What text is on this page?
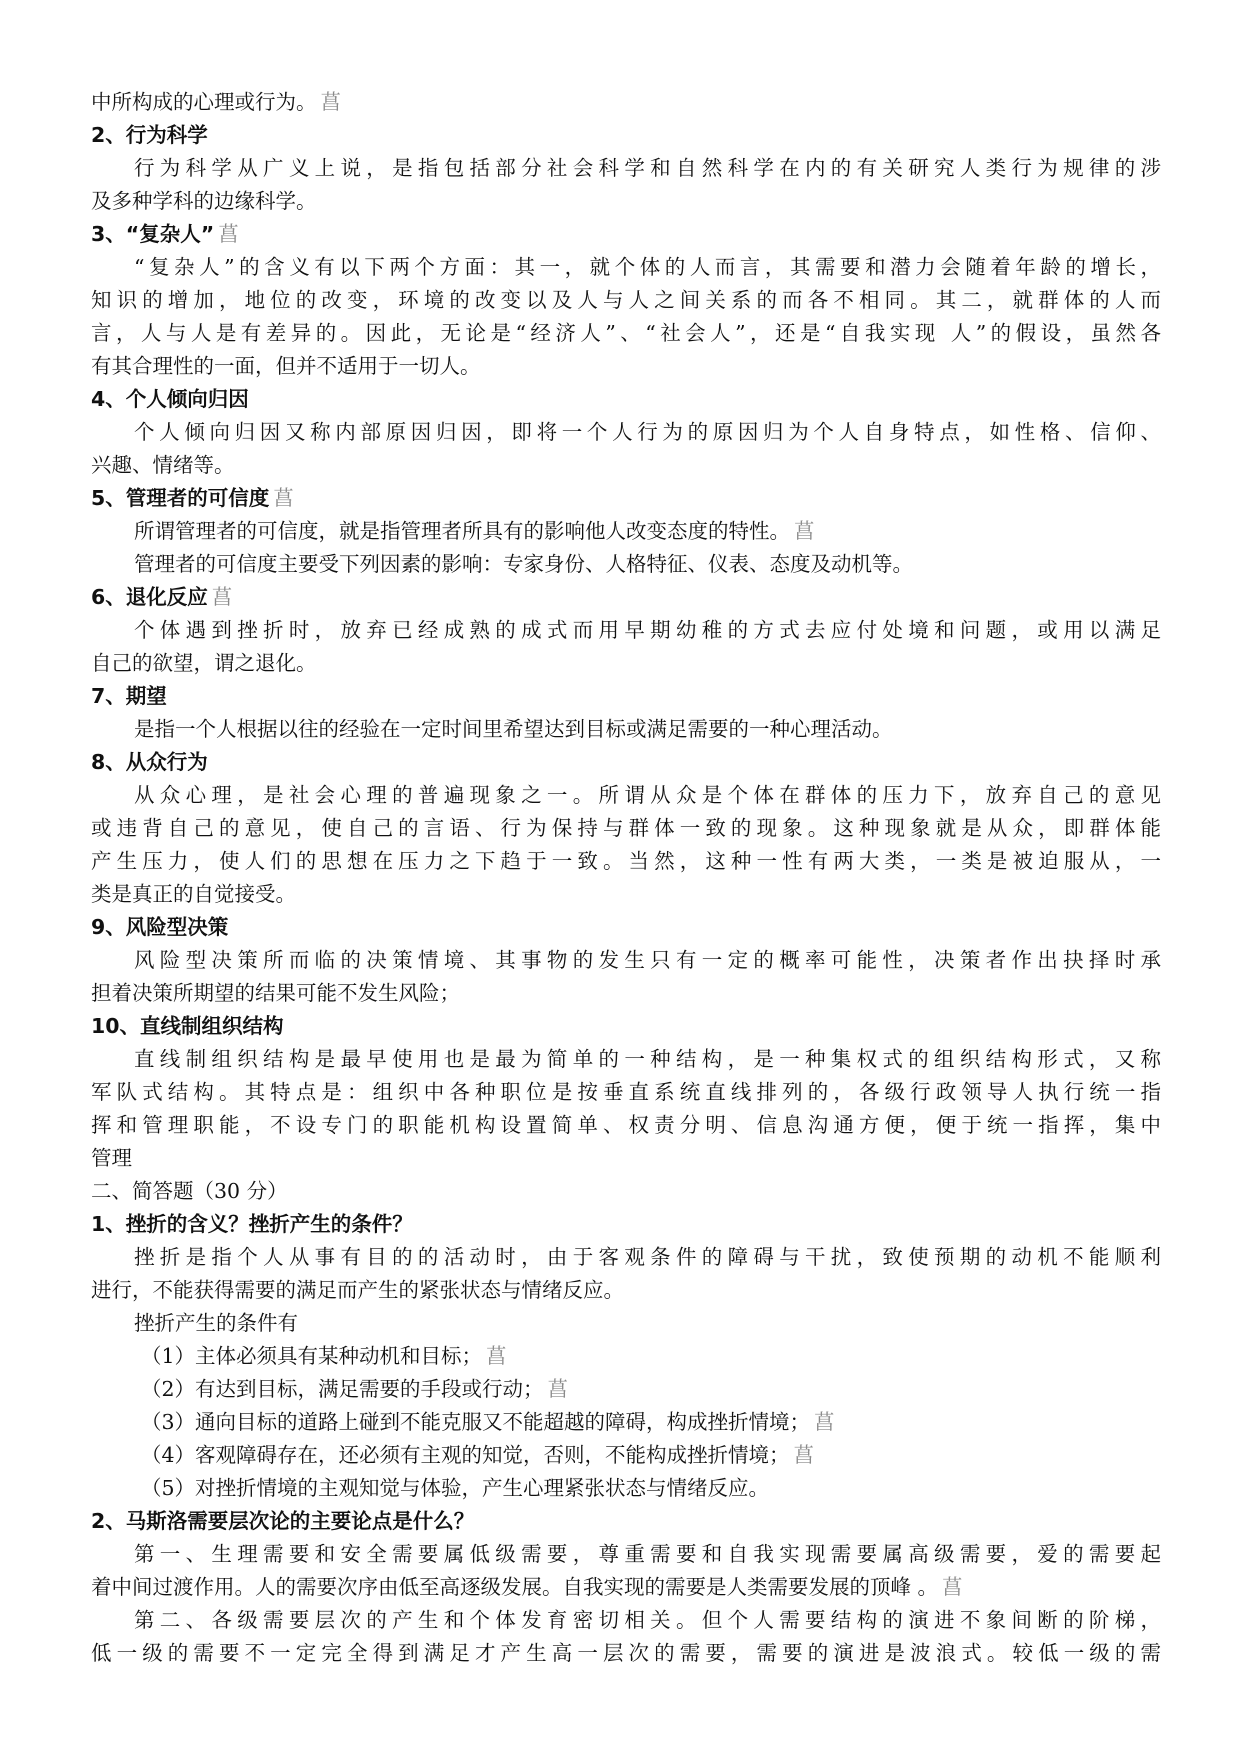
中所构成的心理或行为。 菖
2、行为科学
行为科学从广义上说，是指包括部分社会科学和自然科学在内的有关研究人类行为规律的涉
及多种学科的边缘科学。
3、“复杂人” 菖
“复杂人”的含义有以下两个方面：其一，就个体的人而言，其需要和潜力会随着年龄的增长，
知识的增加，地位的改变，环境的改变以及人与人之间关系的而各不相同。其二，就群体的人而
言，人与人是有差异的。因此，无论是“经济人”、“社会人”，还是“自我实现 人”的假设，虽然各
有其合理性的一面，但并不适用于一切人。
4、个人倾向归因
个人倾向归因又称内部原因归因，即将一个人行为的原因归为个人自身特点，如性格、信仰、
兴趣、情绪等。
5、管理者的可信度 菖
所谓管理者的可信度，就是指管理者所具有的影响他人改变态度的特性。 菖
管理者的可信度主要受下列因素的影响：专家身份、人格特征、仪表、态度及动机等。
6、退化反应 菖
个体遇到挫折时，放弃已经成熟的成式而用早期幼稚的方式去应付处境和问题，或用以满足
自己的欲望，谓之退化。
7、期望
是指一个人根据以往的经验在一定时间里希望达到目标或满足需要的一种心理活动。
8、从众行为
从众心理，是社会心理的普遍现象之一。所谓从众是个体在群体的压力下，放弃自己的意见
或违背自己的意见，使自己的言语、行为保持与群体一致的现象。这种现象就是从众，即群体能
产生压力，使人们的思想在压力之下趋于一致。当然，这种一性有两大类，一类是被迫服从，一
类是真正的自觉接受。
9、风险型决策
风险型决策所而临的决策情境、其事物的发生只有一定的概率可能性，决策者作出抉择时承
担着决策所期望的结果可能不发生风险；
10、直线制组织结构
直线制组织结构是最早使用也是最为简单的一种结构，是一种集权式的组织结构形式，又称
军队式结构。其特点是：组织中各种职位是按垂直系统直线排列的，各级行政领导人执行统一指
挥和管理职能，不设专门的职能机构设置简单、权责分明、信息沟通方便，便于统一指挥，集中
管理
二、简答题（30 分）
1、挫折的含义？挫折产生的条件？
挫折是指个人从事有目的的活动时，由于客观条件的障碍与干扰，致使预期的动机不能顺利
进行，不能获得需要的满足而产生的紧张状态与情绪反应。
挫折产生的条件有
（1）主体必须具有某种动机和目标； 菖
（2）有达到目标，满足需要的手段或行动； 菖
（3）通向目标的道路上碰到不能克服又不能超越的障碍，构成挫折情境； 菖
（4）客观障碍存在，还必须有主观的知觉，否则，不能构成挫折情境； 菖
（5）对挫折情境的主观知觉与体验，产生心理紧张状态与情绪反应。
2、马斯洛需要层次论的主要论点是什么？
第一、生理需要和安全需要属低级需要，尊重需要和自我实现需要属高级需要，爱的需要起
着中间过渡作用。人的需要次序由低至高逐级发展。自我实现的需要是人类需要发展的顶峰 。 菖
第二、各级需要层次的产生和个体发育密切相关。但个人需要结构的演进不象间断的阶梯，
低一级的需要不一定完全得到满足才产生高一层次的需要，需要的演进是波浪式。较低一级的需
